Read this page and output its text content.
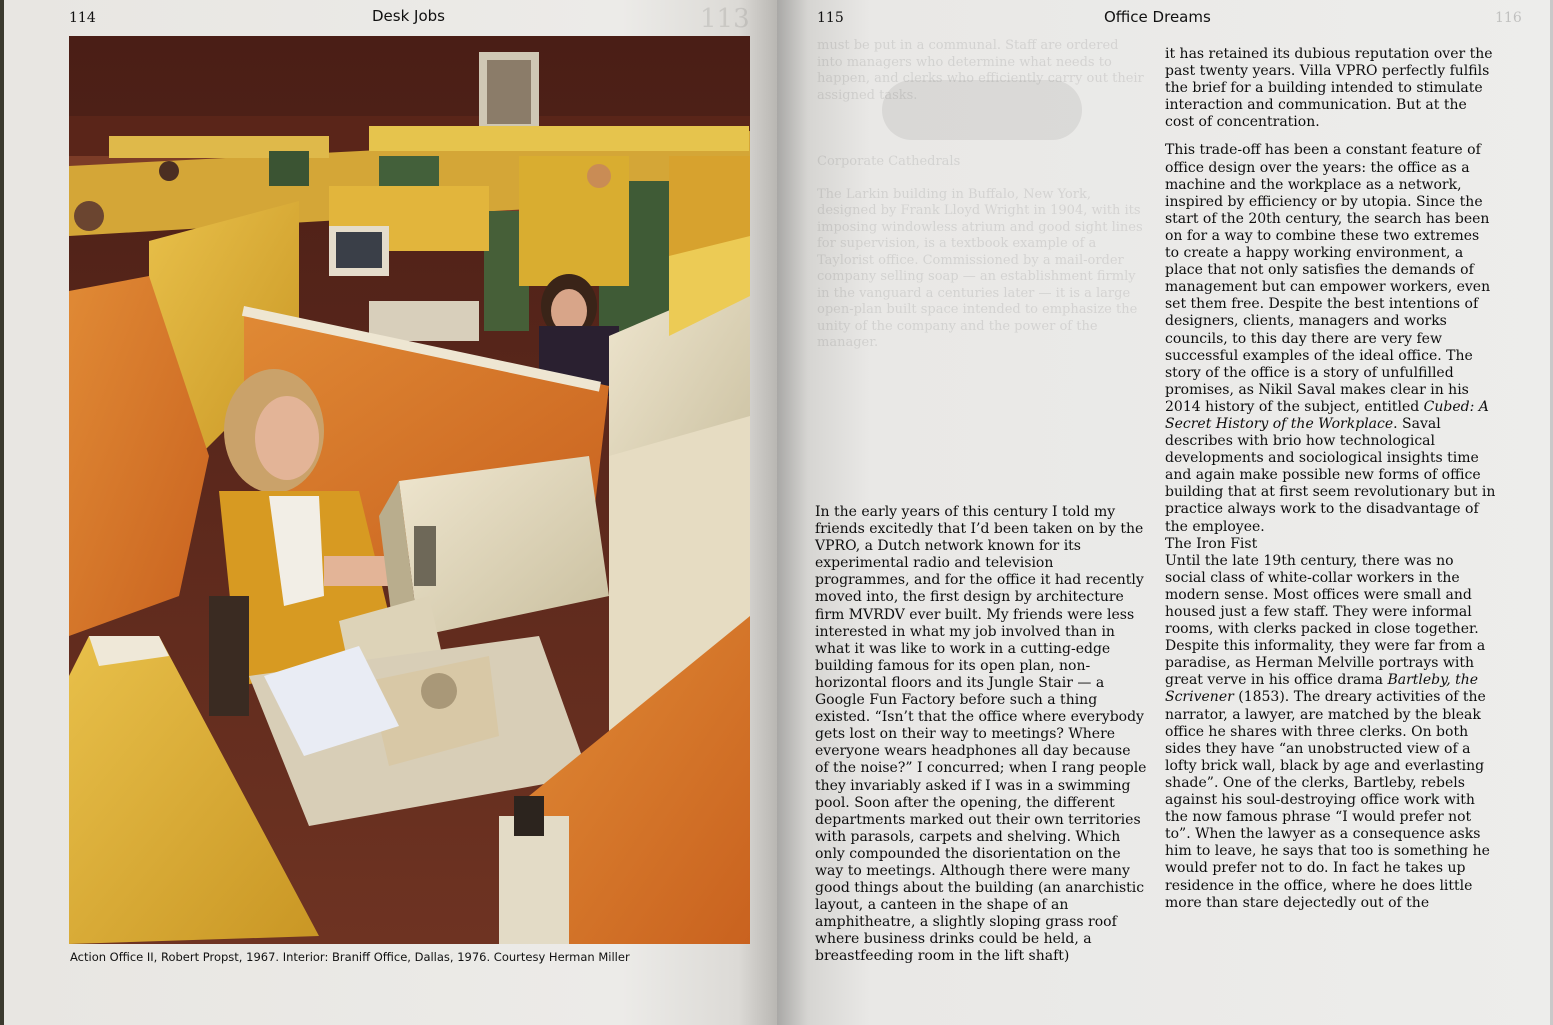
114	Desk Jobs	113
Action Office II, Robert Propst, 1967. Interior: Braniff Office, Dallas, 1976. Courtesy Herman Miller
115	Office Dreams	116
must be put in a communal. Staff are ordered into managers who determine what needs to happen, and clerks who efficiently carry out their assigned tasks.

Corporate Cathedrals

The Larkin building in Buffalo, New York, designed by Frank Lloyd Wright in 1904, with its imposing windowless atrium and good sight lines for supervision, is a textbook example of a Taylorist office. Commissioned by a mail-order company selling soap — an establishment firmly in the vanguard a centuries later — it is a large open-plan built space intended to emphasize the unity of the company and the power of the manager.

In the early years of this century I told my friends excitedly that I’d been taken on by the VPRO, a Dutch network known for its experimental radio and television programmes, and for the office it had recently moved into, the first design by architecture firm MVRDV ever built. My friends were less interested in what my job involved than in what it was like to work in a cutting-edge building famous for its open plan, non-horizontal floors and its Jungle Stair — a Google Fun Factory before such a thing existed. “Isn’t that the office where everybody gets lost on their way to meetings? Where everyone wears headphones all day because of the noise?” I concurred; when I rang people they invariably asked if I was in a swimming pool. Soon after the opening, the different departments marked out their own territories with parasols, carpets and shelving. Which only compounded the disorientation on the way to meetings. Although there were many good things about the building (an anarchistic layout, a canteen in the shape of an amphitheatre, a slightly sloping grass roof where business drinks could be held, a breastfeeding room in the lift shaft)

it has retained its dubious reputation over the past twenty years. Villa VPRO perfectly fulfils the brief for a building intended to stimulate interaction and communication. But at the cost of concentration.

This trade-off has been a constant feature of office design over the years: the office as a machine and the workplace as a network, inspired by efficiency or by utopia. Since the start of the 20th century, the search has been on for a way to combine these two extremes to create a happy working environment, a place that not only satisfies the demands of management but can empower workers, even set them free. Despite the best intentions of designers, clients, managers and works councils, to this day there are very few successful examples of the ideal office. The story of the office is a story of unfulfilled promises, as Nikil Saval makes clear in his 2014 history of the subject, entitled Cubed: A Secret History of the Workplace. Saval describes with brio how technological developments and sociological insights time and again make possible new forms of office building that at first seem revolutionary but in practice always work to the disadvantage of the employee.

The Iron Fist

Until the late 19th century, there was no social class of white-collar workers in the modern sense. Most offices were small and housed just a few staff. They were informal rooms, with clerks packed in close together. Despite this informality, they were far from a paradise, as Herman Melville portrays with great verve in his office drama Bartleby, the Scrivener (1853). The dreary activities of the narrator, a lawyer, are matched by the bleak office he shares with three clerks. On both sides they have “an unobstructed view of a lofty brick wall, black by age and everlasting shade”. One of the clerks, Bartleby, rebels against his soul-destroying office work with the now famous phrase “I would prefer not to”. When the lawyer as a consequence asks him to leave, he says that too is something he would prefer not to do. In fact he takes up residence in the office, where he does little more than stare dejectedly out of the
